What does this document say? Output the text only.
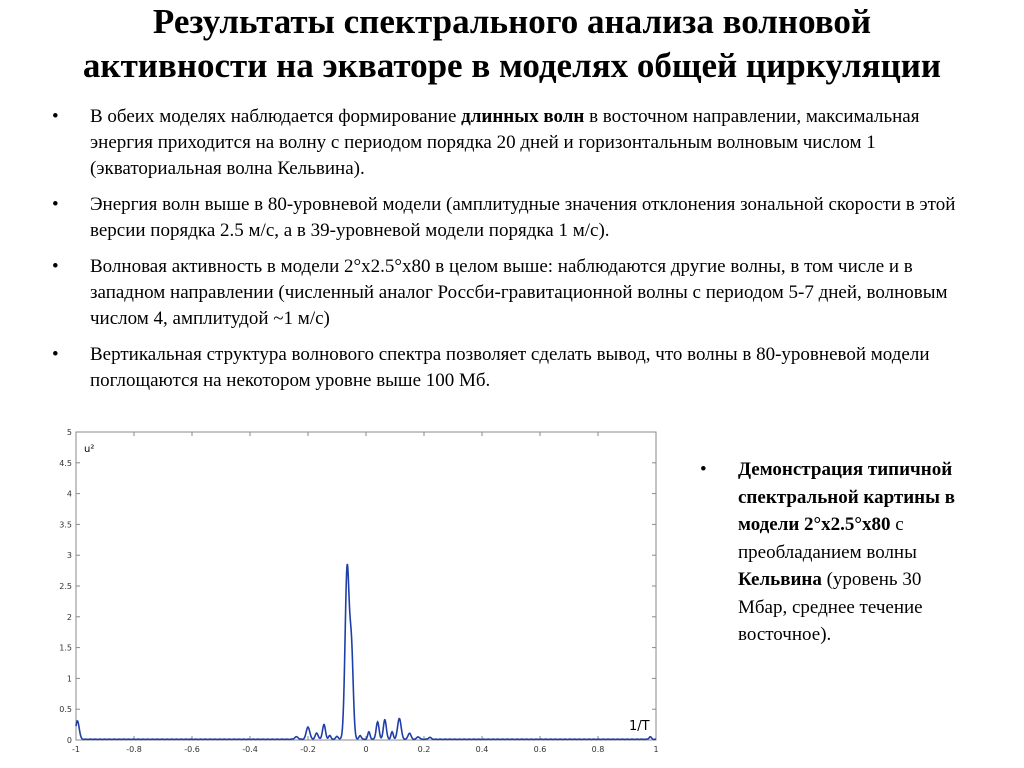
Результаты спектрального анализа волновой
активности на экваторе в моделях общей циркуляции
• В обеих моделях наблюдается формирование длинных волн в восточном направлении, максимальная энергия приходится на волну с периодом порядка 20 дней и горизонтальным волновым числом 1 (экваториальная волна Кельвина).
• Энергия волн выше в 80-уровневой модели (амплитудные значения отклонения зональной скорости в этой версии порядка 2.5 м/с, а в 39-уровневой модели порядка 1 м/с).
• Волновая активность в модели 2°x2.5°x80 в целом выше: наблюдаются другие волны, в том числе и в западном направлении (численный аналог Россби-гравитационной волны с периодом 5-7 дней, волновым числом 4, амплитудой ~1 м/с)
• Вертикальная структура волнового спектра позволяет сделать вывод, что волны в 80-уровневой модели поглощаются на некотором уровне выше 100 Мб.
0
0.5
1
1.5
2
2.5
3
3.5
4
4.5
5
-1	-0.8	-0.6	-0.4	-0.2	0	0.2	0.4	0.6	0.8	1
u²
1/T
• Демонстрация типичной спектральной картины в модели 2°x2.5°x80 с преобладанием волны Кельвина (уровень 30 Мбар, среднее течение восточное).
